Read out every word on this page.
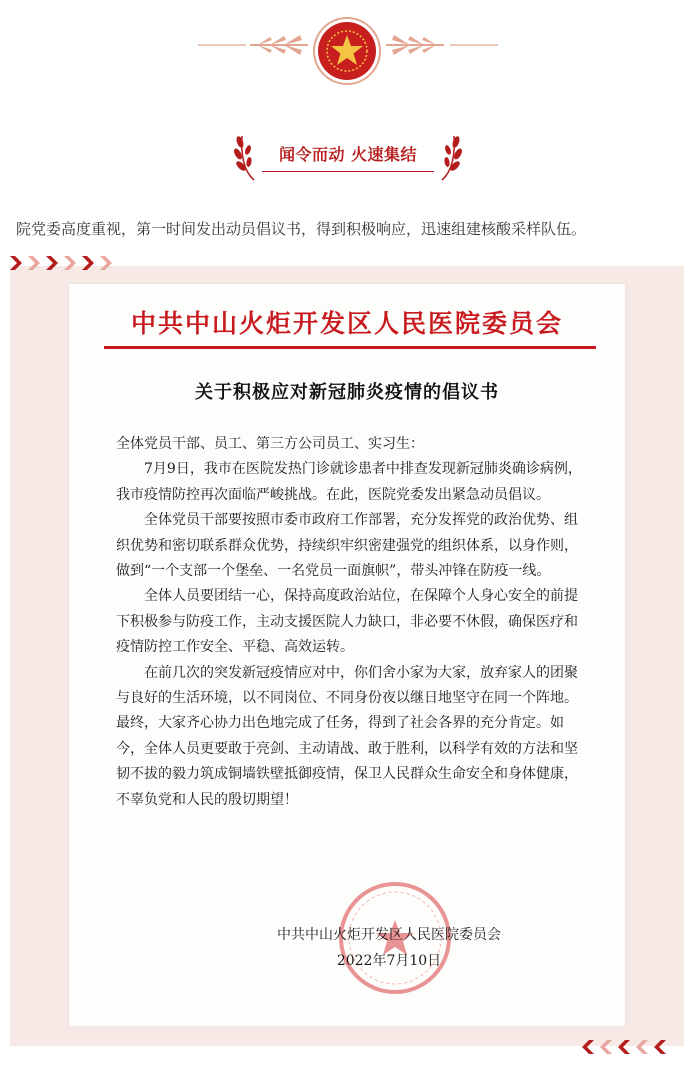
闻令而动 火速集结
院党委高度重视，第一时间发出动员倡议书，得到积极响应，迅速组建核酸采样队伍。
中共中山火炬开发区人民医院委员会
关于积极应对新冠肺炎疫情的倡议书

全体党员干部、员工、第三方公司员工、实习生：

7月9日，我市在医院发热门诊就诊患者中排查发现新冠肺炎确诊病例，我市疫情防控再次面临严峻挑战。在此，医院党委发出紧急动员倡议。

全体党员干部要按照市委市政府工作部署，充分发挥党的政治优势、组织优势和密切联系群众优势，持续织牢织密建强党的组织体系，以身作则，做到“一个支部一个堡垒、一名党员一面旗帜”，带头冲锋在防疫一线。

全体人员要团结一心，保持高度政治站位，在保障个人身心安全的前提下积极参与防疫工作，主动支援医院人力缺口，非必要不休假，确保医疗和疫情防控工作安全、平稳、高效运转。

在前几次的突发新冠疫情应对中，你们舍小家为大家，放弃家人的团聚与良好的生活环境，以不同岗位、不同身份夜以继日地坚守在同一个阵地。最终，大家齐心协力出色地完成了任务，得到了社会各界的充分肯定。如今，全体人员更要敢于亮剑、主动请战、敢于胜利，以科学有效的方法和坚韧不拔的毅力筑成铜墙铁壁抵御疫情，保卫人民群众生命安全和身体健康，不辜负党和人民的殷切期望！

中共中山火炬开发区人民医院委员会
2022年7月10日
